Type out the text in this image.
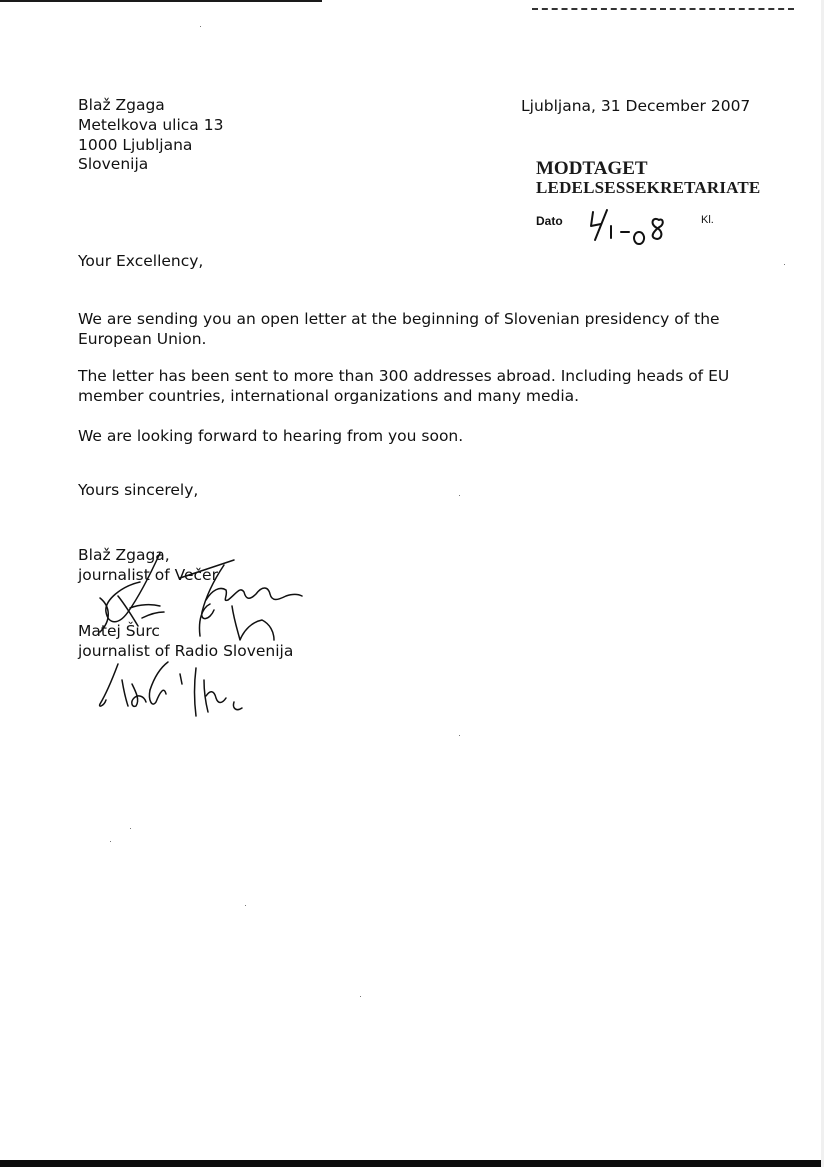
Blaž Zgaga
Metelkova ulica 13
1000 Ljubljana
Slovenija
Ljubljana, 31 December 2007
MODTAGET
LEDELSESSEKRETARIATE
Dato	Kl.
Your Excellency,
We are sending you an open letter at the beginning of Slovenian presidency of the
European Union.
The letter has been sent to more than 300 addresses abroad. Including heads of EU
member countries, international organizations and many media.
We are looking forward to hearing from you soon.
Yours sincerely,
Blaž Zgaga,
journalist of Večer
Matej Šurc
journalist of Radio Slovenija
